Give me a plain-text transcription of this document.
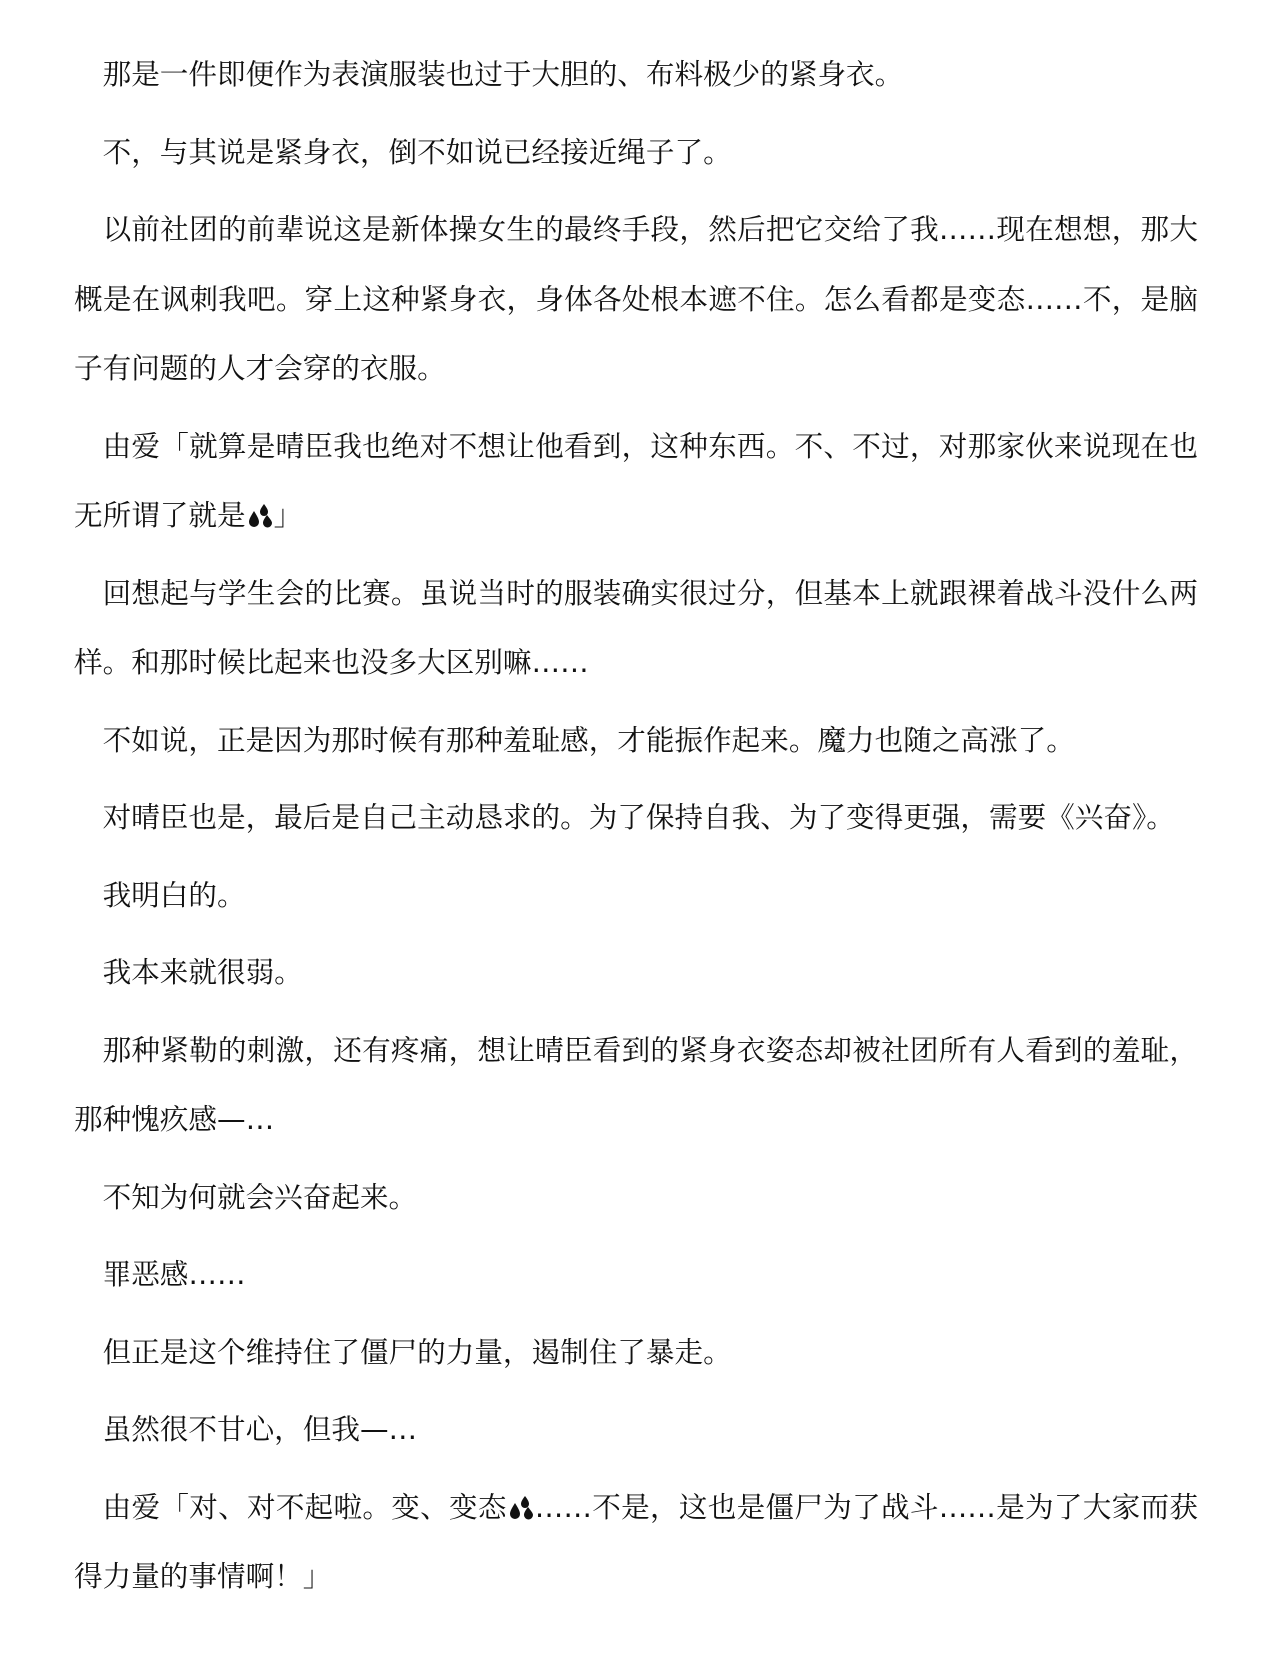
那是一件即便作为表演服装也过于大胆的、布料极少的紧身衣。

不，与其说是紧身衣，倒不如说已经接近绳子了。

以前社团的前辈说这是新体操女生的最终手段，然后把它交给了我……现在想想，那大概是在讽刺我吧。穿上这种紧身衣，身体各处根本遮不住。怎么看都是变态……不，是脑子有问题的人才会穿的衣服。

由爱「就算是晴臣我也绝对不想让他看到，这种东西。不、不过，对那家伙来说现在也无所谓了就是 」

回想起与学生会的比赛。虽说当时的服装确实很过分，但基本上就跟裸着战斗没什么两样。和那时候比起来也没多大区别嘛……

不如说，正是因为那时候有那种羞耻感，才能振作起来。魔力也随之高涨了。

对晴臣也是，最后是自己主动恳求的。为了保持自我、为了变得更强，需要《兴奋》。

我明白的。

我本来就很弱。

那种紧勒的刺激，还有疼痛，想让晴臣看到的紧身衣姿态却被社团所有人看到的羞耻，那种愧疚感—…

不知为何就会兴奋起来。

罪恶感……

但正是这个维持住了僵尸的力量，遏制住了暴走。

虽然很不甘心，但我—…

由爱「对、对不起啦。变、变态 ……不是，这也是僵尸为了战斗……是为了大家而获得力量的事情啊！」
